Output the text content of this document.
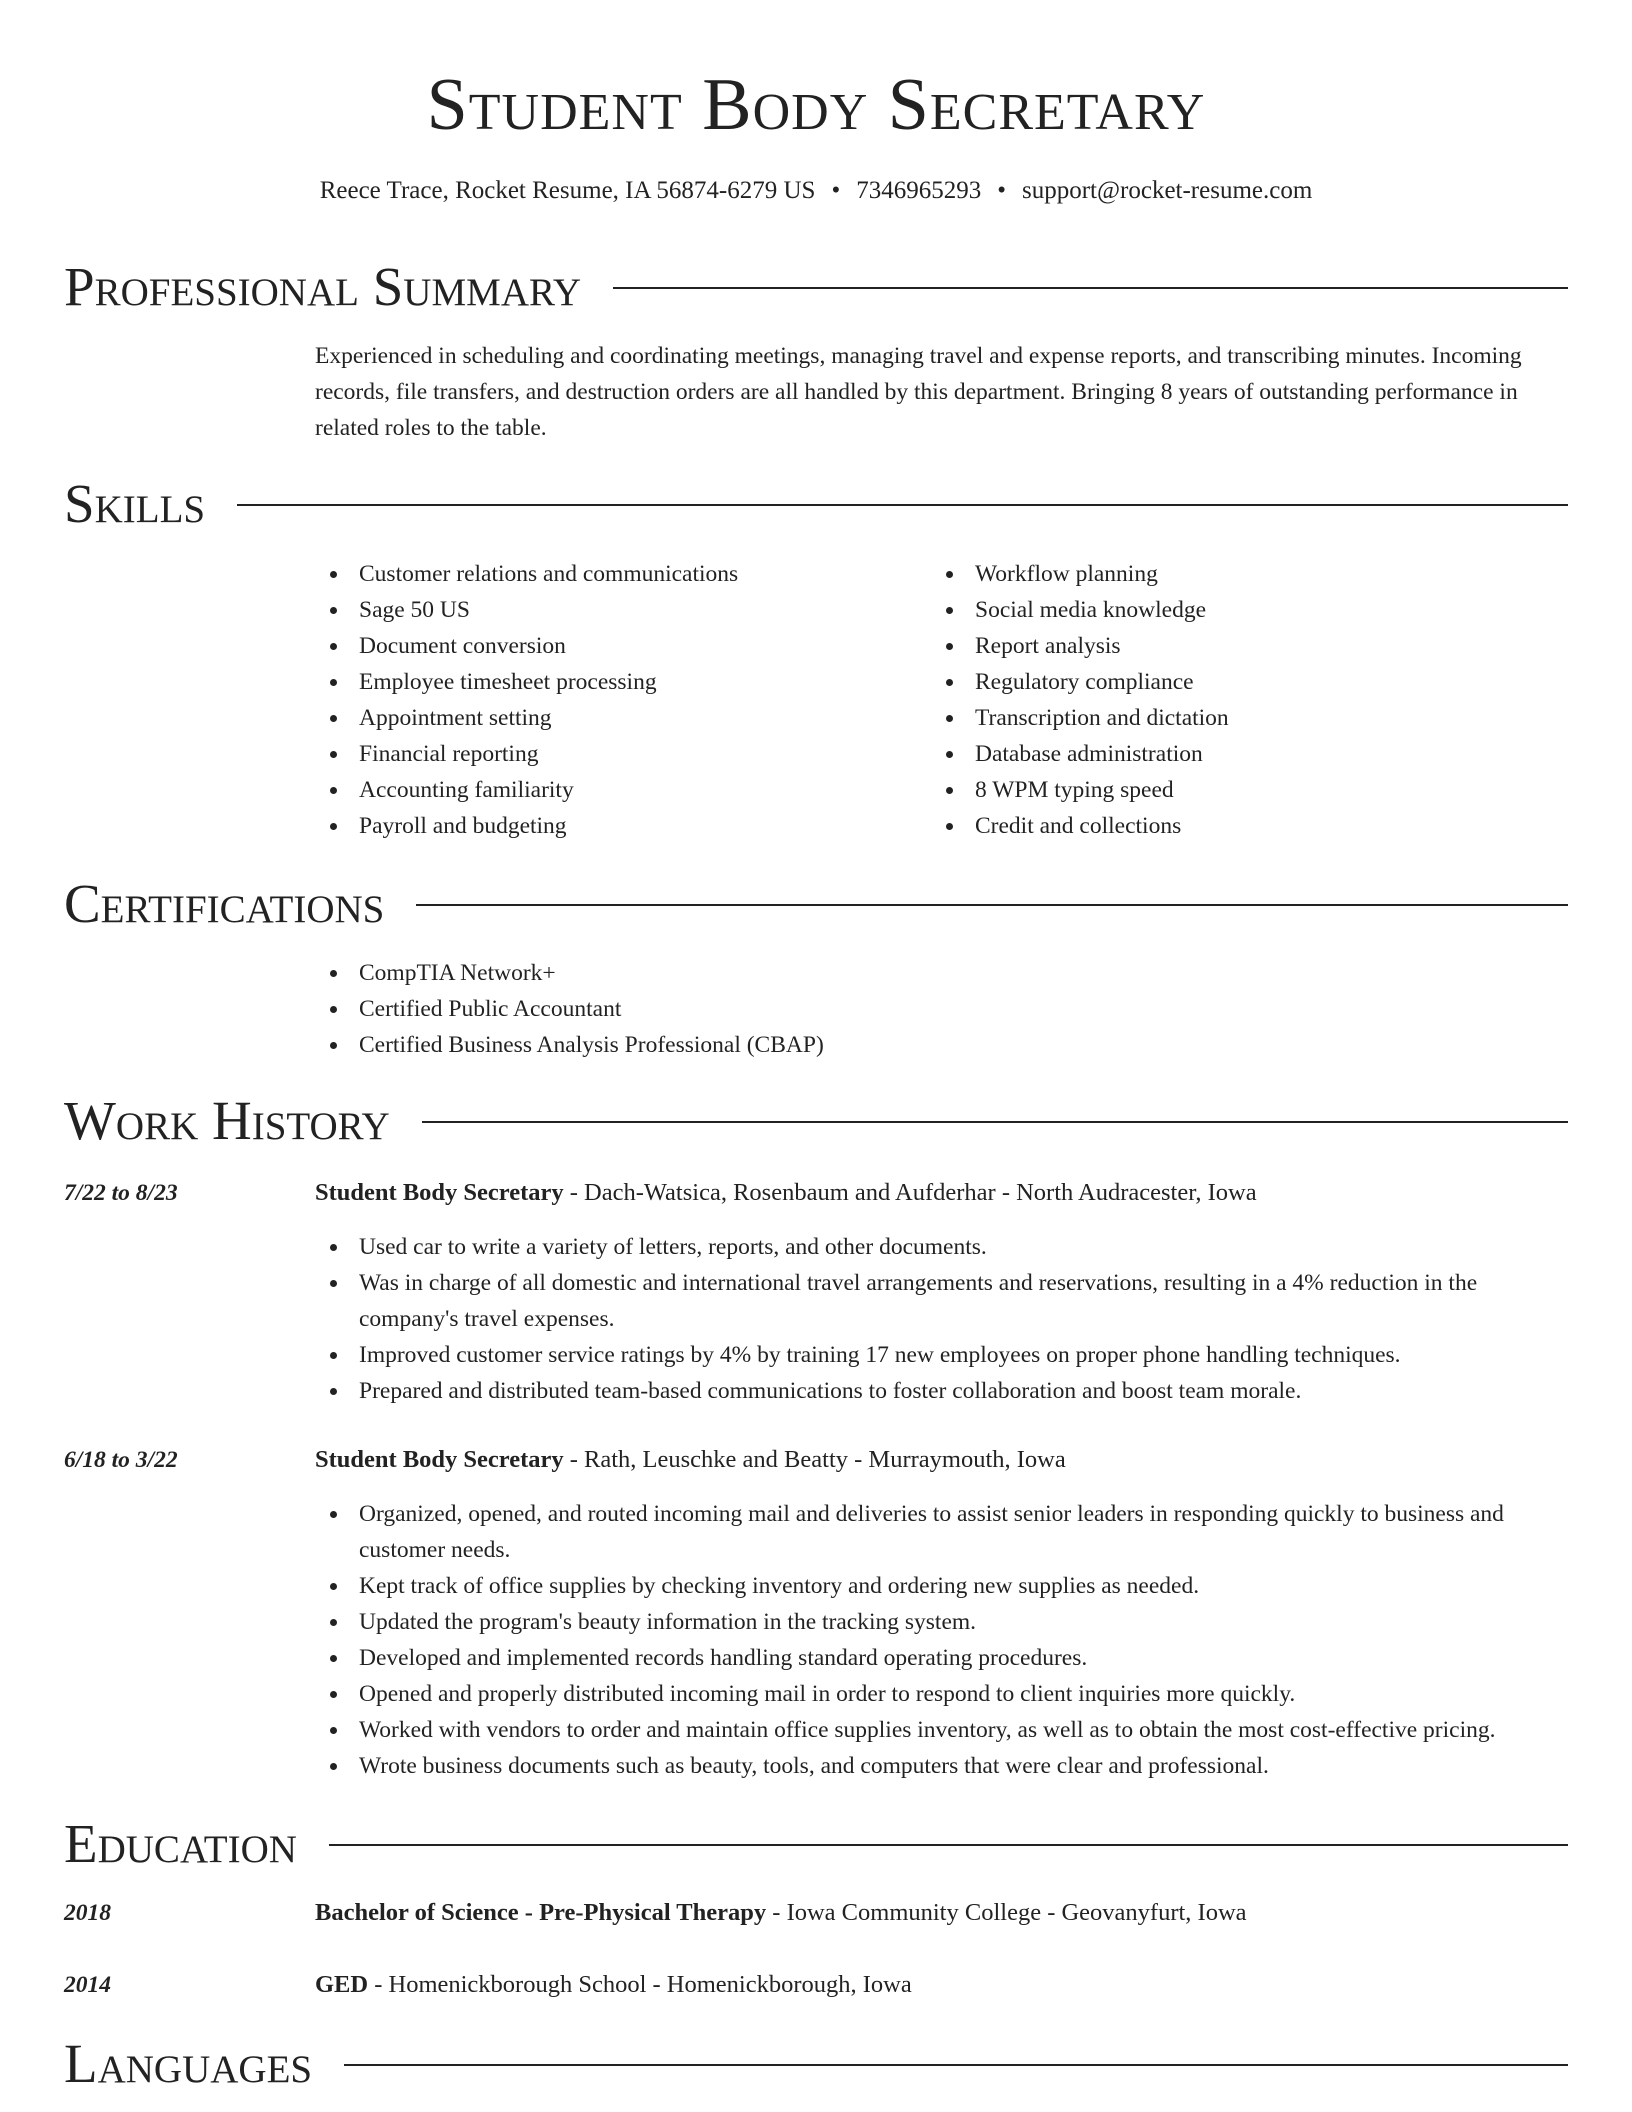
Student Body Secretary
Reece Trace, Rocket Resume, IA 56874-6279 US • 7346965293 • support@rocket-resume.com
Professional Summary
Experienced in scheduling and coordinating meetings, managing travel and expense reports, and transcribing minutes. Incoming records, file transfers, and destruction orders are all handled by this department. Bringing 8 years of outstanding performance in related roles to the table.
Skills
Customer relations and communications
Sage 50 US
Document conversion
Employee timesheet processing
Appointment setting
Financial reporting
Accounting familiarity
Payroll and budgeting
Workflow planning
Social media knowledge
Report analysis
Regulatory compliance
Transcription and dictation
Database administration
8 WPM typing speed
Credit and collections
Certifications
CompTIA Network+
Certified Public Accountant
Certified Business Analysis Professional (CBAP)
Work History
7/22 to 8/23	Student Body Secretary - Dach-Watsica, Rosenbaum and Aufderhar - North Audracester, Iowa
Used car to write a variety of letters, reports, and other documents.
Was in charge of all domestic and international travel arrangements and reservations, resulting in a 4% reduction in the company's travel expenses.
Improved customer service ratings by 4% by training 17 new employees on proper phone handling techniques.
Prepared and distributed team-based communications to foster collaboration and boost team morale.
6/18 to 3/22	Student Body Secretary - Rath, Leuschke and Beatty - Murraymouth, Iowa
Organized, opened, and routed incoming mail and deliveries to assist senior leaders in responding quickly to business and customer needs.
Kept track of office supplies by checking inventory and ordering new supplies as needed.
Updated the program's beauty information in the tracking system.
Developed and implemented records handling standard operating procedures.
Opened and properly distributed incoming mail in order to respond to client inquiries more quickly.
Worked with vendors to order and maintain office supplies inventory, as well as to obtain the most cost-effective pricing.
Wrote business documents such as beauty, tools, and computers that were clear and professional.
Education
2018	Bachelor of Science - Pre-Physical Therapy - Iowa Community College - Geovanyfurt, Iowa
2014	GED - Homenickborough School - Homenickborough, Iowa
Languages
